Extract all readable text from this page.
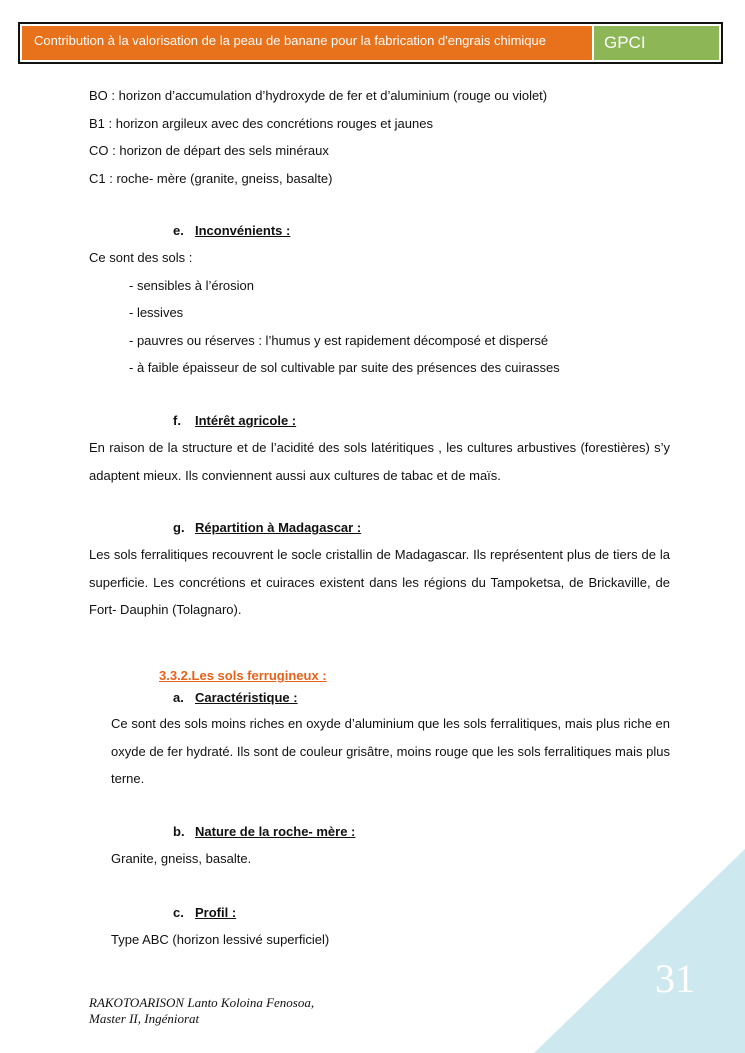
Contribution à la valorisation de la peau de banane pour la fabrication d'engrais chimique	GPCI
BO : horizon d’accumulation d’hydroxyde de fer et d’aluminium (rouge ou violet)
B1 : horizon argileux avec des concrétions rouges et jaunes
CO : horizon de départ des sels minéraux
C1 : roche- mère (granite, gneiss, basalte)
e. Inconvénients :
Ce sont des sols :
- sensibles à l’érosion
- lessives
- pauvres ou réserves : l’humus y est rapidement décomposé et dispersé
- à faible épaisseur de sol cultivable par suite des présences des cuirasses
f. Intérêt agricole :
En raison de la structure et de l’acidité des sols latéritiques , les cultures arbustives (forestières) s’y adaptent mieux. Ils conviennent aussi aux cultures de tabac et de maïs.
g. Répartition à Madagascar :
Les sols ferralitiques recouvrent le socle cristallin de Madagascar. Ils représentent plus de tiers de la superficie. Les concrétions et cuiraces existent dans les régions du Tampoketsa, de Brickaville, de Fort- Dauphin (Tolagnaro).
3.3.2.Les sols ferrugineux :
a. Caractéristique :
Ce sont des sols moins riches en oxyde d’aluminium que les sols ferralitiques, mais plus riche en oxyde de fer hydraté. Ils sont de couleur grisâtre, moins rouge que les sols ferralitiques mais plus terne.
b. Nature de la roche- mère :
Granite, gneiss, basalte.
c. Profil :
Type ABC (horizon lessivé superficiel)
31
RAKOTOARISON Lanto Koloina Fenosoa,
Master II, Ingéniorat
